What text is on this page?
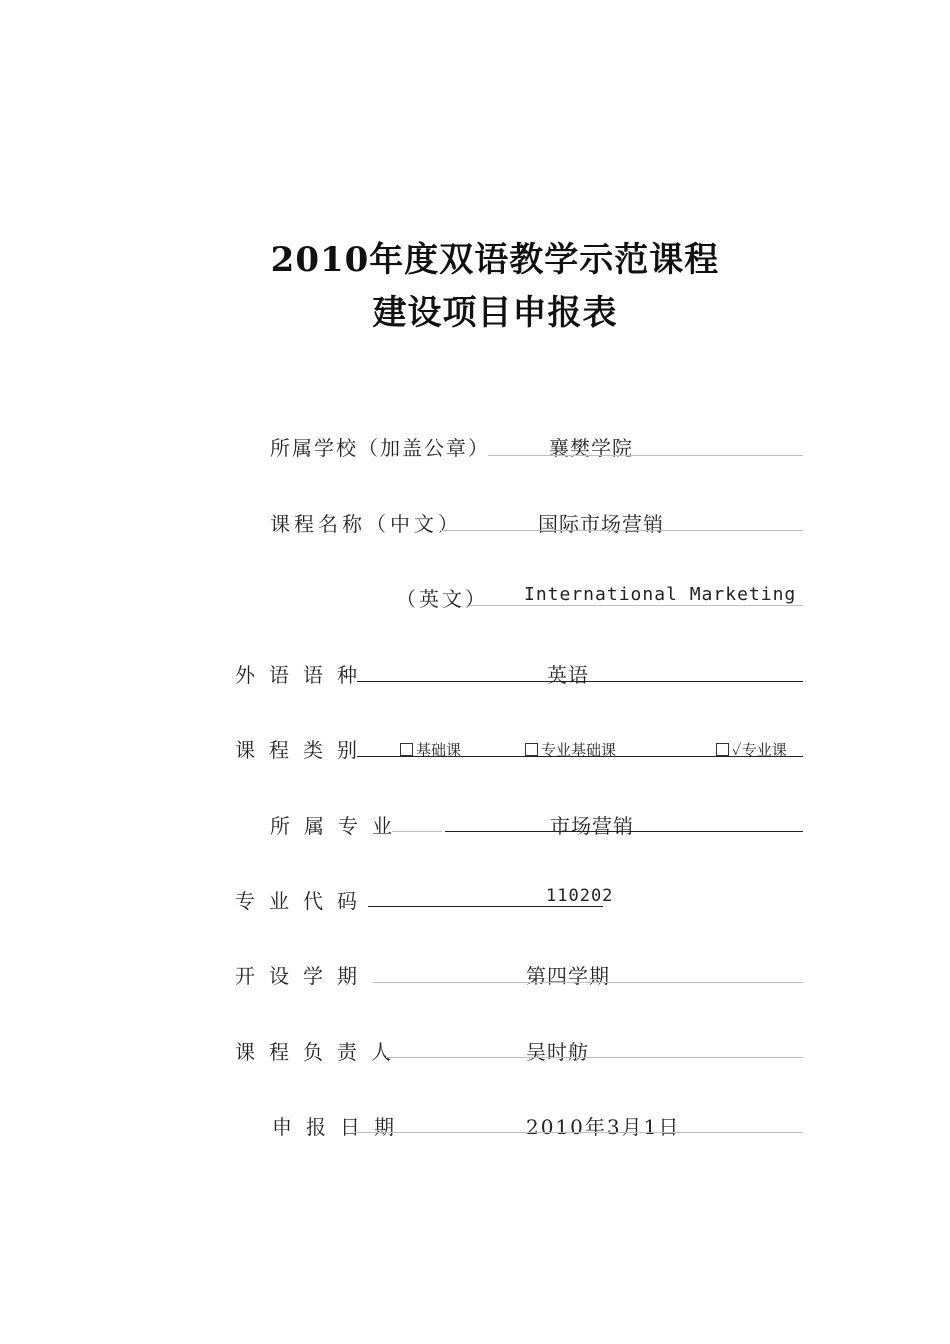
2010年度双语教学示范课程
建设项目申报表
所属学校（加盖公章）	襄樊学院
课程名称（中文）	国际市场营销
（英文） International Marketing
外语语种	英语
课程类别	基础课	专业基础课	✓专业课
所属专业	市场营销
专业代码	110202
开设学期	第四学期
课程负责人	吴时舫
申报日期	2010年3月1日
